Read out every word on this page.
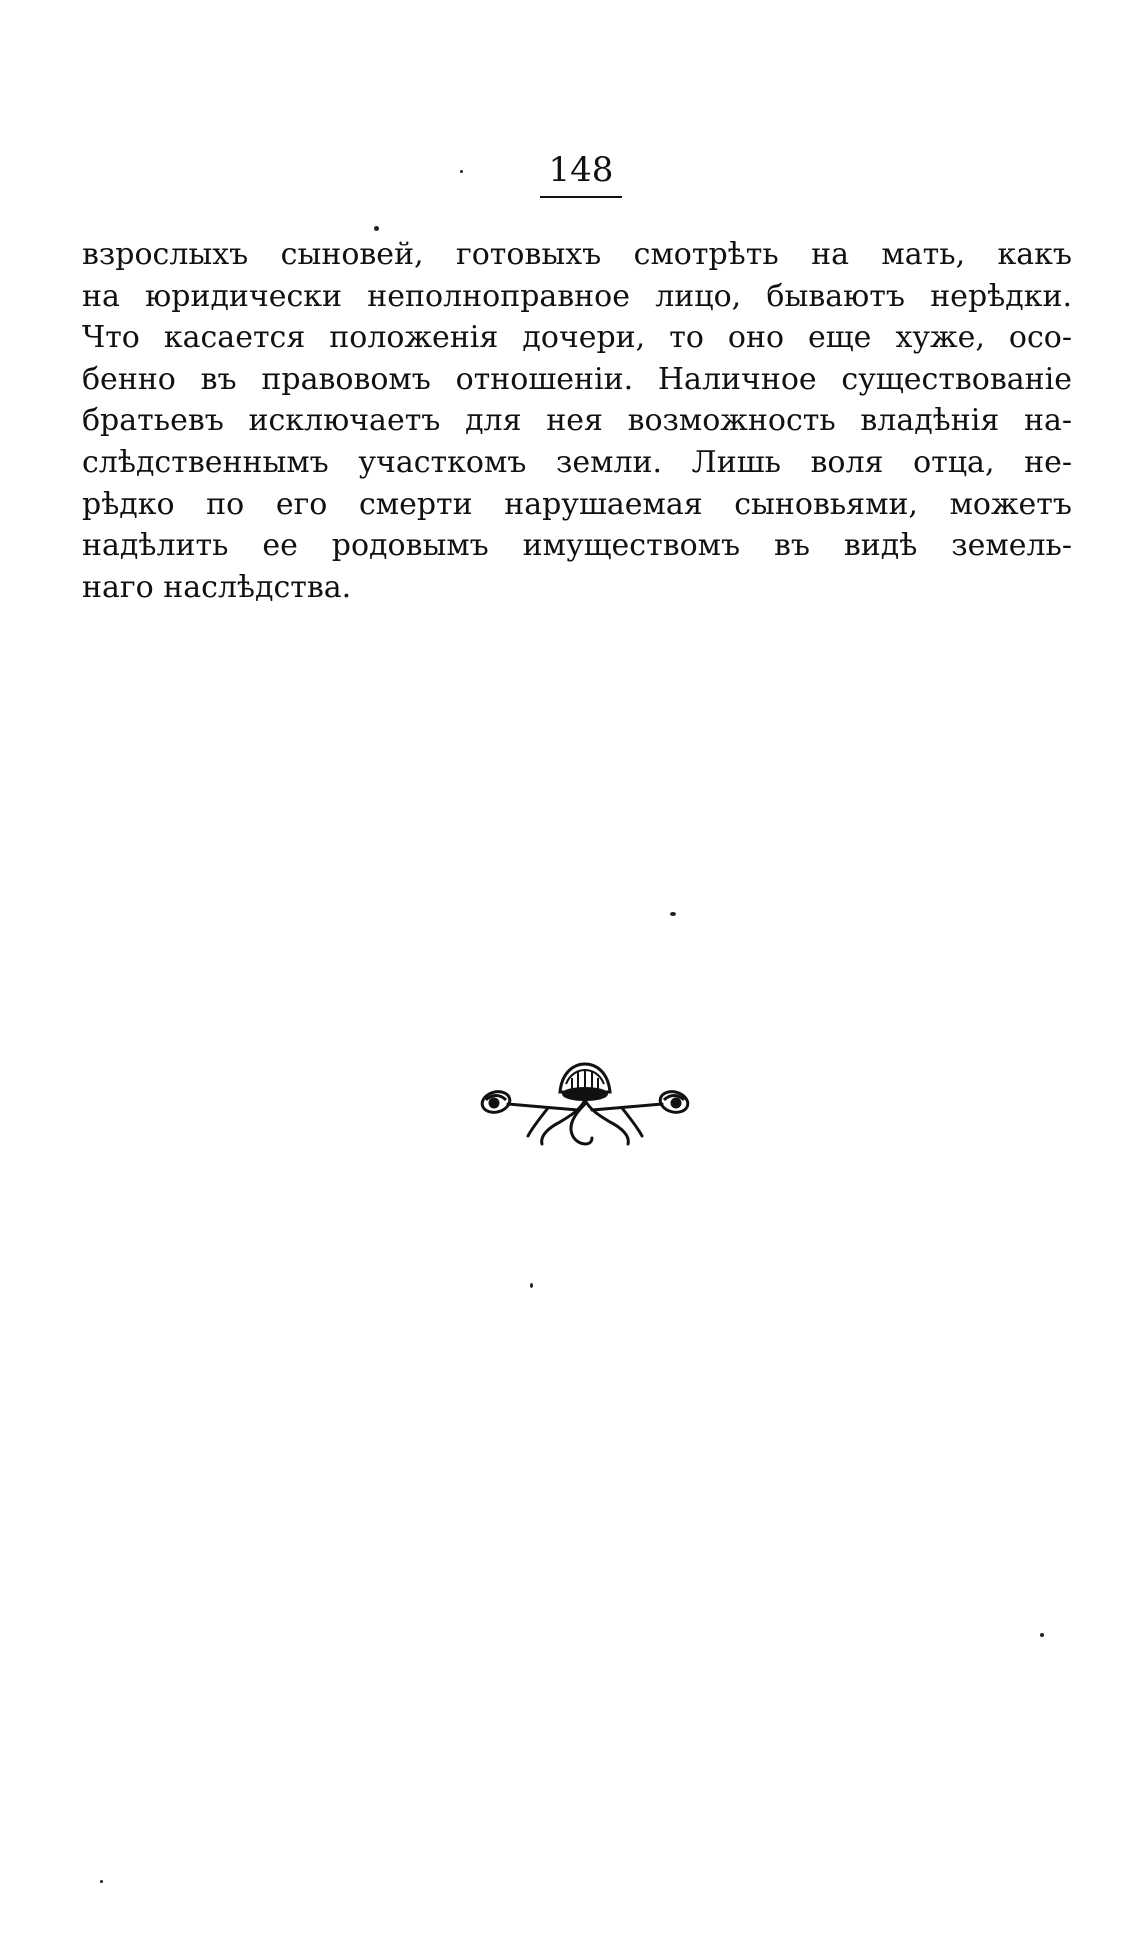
148
взрослыхъ сыновей, готовыхъ смотрѣть на мать, какъ
на юридически неполноправное лицо, бываютъ нерѣдки.
Что касается положенія дочери, то оно еще хуже, осо-
бенно въ правовомъ отношеніи. Наличное существованіе
братьевъ исключаетъ для нея возможность владѣнія на-
слѣдственнымъ участкомъ земли. Лишь воля отца, не-
рѣдко по его смерти нарушаемая сыновьями, можетъ
надѣлить ее родовымъ имуществомъ въ видѣ земель-
наго наслѣдства.
